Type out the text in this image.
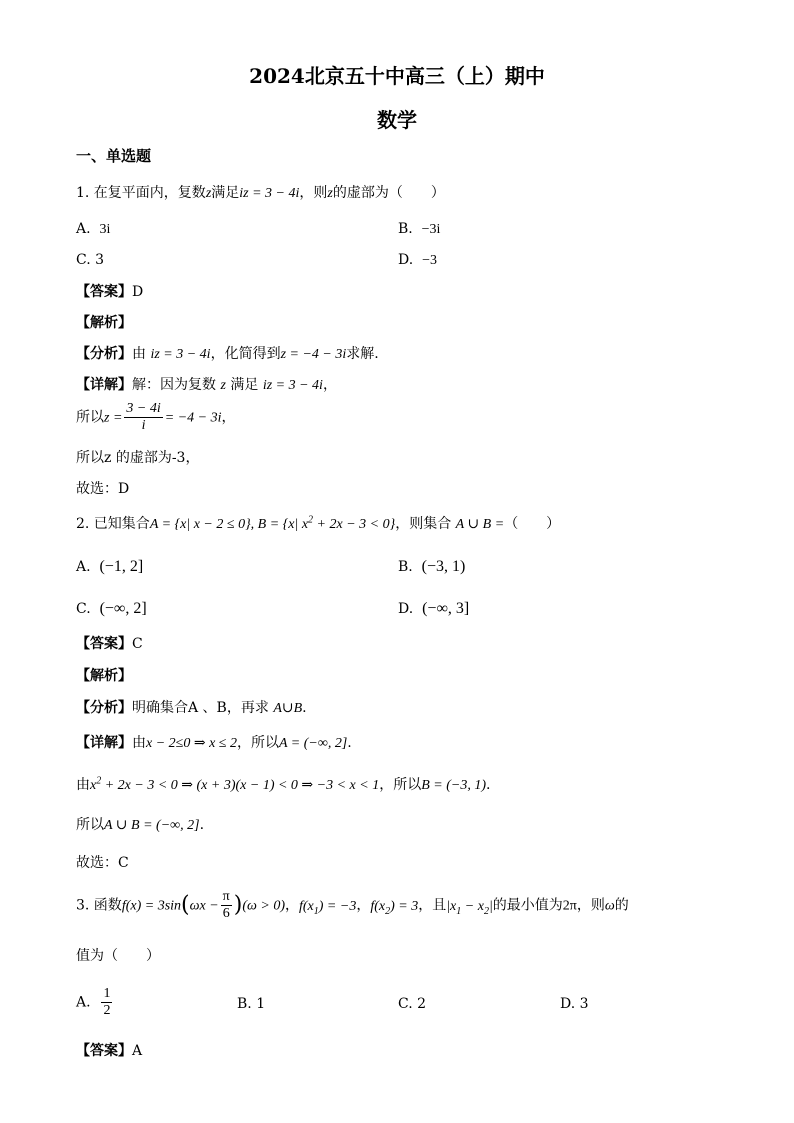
2024北京五十中高三（上）期中
数学
一、单选题
1. 在复平面内，复数z满足iz = 3 − 4i，则z的虚部为（　　）
A. 3i	B. −3i
C. 3	D. −3
【答案】D
【解析】
【分析】由 iz = 3 − 4i，化简得到z = −4 − 3i求解.
【详解】解：因为复数 z 满足 iz = 3 − 4i，
所以$z = \frac{3 - 4i}{i} = -4 - 3i$，
所以z 的虚部为-3，
故选：D
2. 已知集合A = {x| x − 2 ≤ 0}, B = {x| $x^2 + 2x - 3 < 0$}，则集合 A ∪ B =（　　）
A. (−1, 2]	B. (−3, 1)
C. (−∞, 2]	D. (−∞, 3]
【答案】C
【解析】
【分析】明确集合A 、B，再求 A∪B.
【详解】由x − 2≤0 ⇒ x ≤ 2，所以A = (−∞, 2].
由$x^2 + 2x - 3 < 0$ ⇒ (x + 3)(x − 1) < 0 ⇒ −3 < x < 1，所以B = (−3, 1).
所以A ∪ B = (−∞, 2].
故选：C
3. 函数$f(x) = 3\sin(\omega x - \frac{\pi}{6} )(\omega > 0)$，$f(x_1) = -3$，$f(x_2) = 3$，且$|x_1 - x_2|$的最小值为2π，则ω的
值为（　　）
A. $\frac{1}{2}$	B. 1	C. 2	D. 3
【答案】A
